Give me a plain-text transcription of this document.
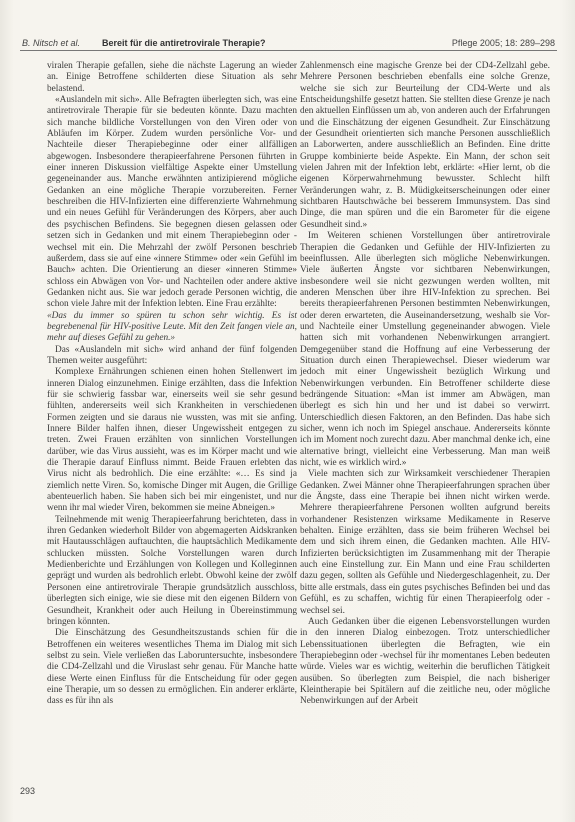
B. Nitsch et al. Bereit für die antiretrovirale Therapie?	Pflege 2005; 18: 289–298

viralen Therapie gefallen, siehe die nächste Lagerung an wieder an. Einige Betroffene schilderten diese Situation als sehr belastend.

«Auslandeln mit sich». Alle Befragten überlegten sich, was eine antiretrovirale Therapie für sie bedeuten könnte. Dazu machten sich manche bildliche Vorstellungen von den Viren oder von Abläufen im Körper. Zudem wurden persönliche Vor- und Nachteile dieser Therapiebeginne oder einer allfälligen abgewogen. Insbesondere therapieerfahrene Personen führten in einer inneren Diskussion vielfältige Aspekte einer Umstellung gegeneinander aus. Manche erwähnten antizipierend mögliche Gedanken an eine mögliche Therapie vorzubereiten. Ferner beschreiben die HIV-Infizierten eine differenzierte Wahrnehmung und ein neues Gefühl für Veränderungen des Körpers, aber auch des psychischen Befindens. Sie begegnen diesen gelassen oder setzen sich in Gedanken und mit einem Therapiebeginn oder -wechsel mit ein. Die Mehrzahl der zwölf Personen beschrieb außerdem, dass sie auf eine «innere Stimme» oder «ein Gefühl im Bauch» achten. Die Orientierung an dieser «inneren Stimme» schloss ein Abwägen von Vor- und Nachteilen oder andere aktive Gedanken nicht aus. Sie war jedoch gerade Personen wichtig, die schon viele Jahre mit der Infektion lebten. Eine Frau erzählte:

«Das du immer so spüren tu schon sehr wichtig. Es ist begrebenenal für HIV-positive Leute. Mit den Zeit fangen viele an, mehr auf dieses Gefühl zu gehen.»

Das «Auslandeln mit sich» wird anhand der fünf folgenden Themen weiter ausgeführt:

Komplexe Ernährungen schienen einen hohen Stellenwert im inneren Dialog einzunehmen. Einige erzählten, dass die Infektion für sie schwierig fassbar war, einerseits weil sie sehr gesund fühlten, andererseits weil sich Krankheiten in verschiedenen Formen zeigten und sie daraus nie wussten, was mit sie anfing. Innere Bilder halfen ihnen, dieser Ungewissheit entgegen zu treten. Zwei Frauen erzählten von sinnlichen Vorstellungen darüber, wie das Virus aussieht, was es im Körper macht und wie die Therapie darauf Einfluss nimmt. Beide Frauen erlebten das Virus nicht als bedrohlich. Die eine erzählte: «… Es sind ja ziemlich nette Viren. So, komische Dinger mit Augen, die Grillige abenteuerlich haben. Sie haben sich bei mir eingenistet, und nur wenn ihr mal wieder Viren, bekommen sie meine Abneigen.»

Teilnehmende mit wenig Therapieerfahrung berichteten, dass in ihren Gedanken wiederholt Bilder von abgemagerten Aidskranken mit Hautausschlägen auftauchten, die hauptsächlich Medikamente schlucken müssten. Solche Vorstellungen waren durch Medienberichte und Erzählungen von Kollegen und Kolleginnen geprägt und wurden als bedrohlich erlebt. Obwohl keine der zwölf Personen eine antiretrovirale Therapie grundsätzlich ausschloss, überlegten sich einige, wie sie diese mit den eigenen Bildern von Gesundheit, Krankheit oder auch Heilung in Übereinstimmung bringen könnten.

Die Einschätzung des Gesundheitszustands schien für die Betroffenen ein weiteres wesentliches Thema im Dialog mit sich selbst zu sein. Viele verließen das Laboruntersuchte, insbesondere die CD4-Zellzahl und die Viruslast sehr genau. Für Manche hatte diese Werte einen Einfluss für die Entscheidung für oder gegen eine Therapie, um so dessen zu ermöglichen. Ein anderer erklärte, dass es für ihn als

Zahlenmensch eine magische Grenze bei der CD4-Zellzahl gebe. Mehrere Personen beschrieben ebenfalls eine solche Grenze, welche sie sich zur Beurteilung der CD4-Werte und als Entscheidungshilfe gesetzt hatten. Sie stellten diese Grenze je nach den aktuellen Einflüssen um ab, von anderen auch der Erfahrungen und die Einschätzung der eigenen Gesundheit. Zur Einschätzung der Gesundheit orientierten sich manche Personen ausschließlich an Laborwerten, andere ausschließlich an Befinden. Eine dritte Gruppe kombinierte beide Aspekte. Ein Mann, der schon seit vielen Jahren mit der Infektion lebt, erklärte: «Hier lernt, ob die eigenen Körperwahrnehmung bewusster. Schlecht hilft Veränderungen wahr, z. B. Müdigkeitserscheinungen oder einer sichtbaren Hautschwäche bei besserem Immunsystem. Das sind Dinge, die man spüren und die ein Barometer für die eigene Gesundheit sind.»

Im Weiteren schienen Vorstellungen über antiretrovirale Therapien die Gedanken und Gefühle der HIV-Infizierten zu beeinflussen. Alle überlegten sich mögliche Nebenwirkungen. Viele äußerten Ängste vor sichtbaren Nebenwirkungen, insbesondere weil sie nicht gezwungen werden wollten, mit anderen Menschen über ihre HIV-Infektion zu sprechen. Bei bereits therapieerfahrenen Personen bestimmten Nebenwirkungen, oder deren erwarteten, die Auseinandersetzung, weshalb sie Vor- und Nachteile einer Umstellung gegeneinander abwogen. Viele hatten sich mit vorhandenen Nebenwirkungen arrangiert. Demgegenüber stand die Hoffnung auf eine Verbesserung der Situation durch einen Therapiewechsel. Dieser wiederum war jedoch mit einer Ungewissheit bezüglich Wirkung und Nebenwirkungen verbunden. Ein Betroffener schilderte diese bedrängende Situation: «Man ist immer am Abwägen, man überlegt es sich hin und her und ist dabei so verwirrt. Unterschiedlich diesen Faktoren, an den Befinden. Das habe sich sicher, wenn ich noch im Spiegel anschaue. Andererseits könnte ich im Moment noch zurecht dazu. Aber manchmal denke ich, eine alternative bringt, vielleicht eine Verbesserung. Man man weiß nicht, wie es wirklich wird.»

Viele machten sich zur Wirksamkeit verschiedener Therapien Gedanken. Zwei Männer ohne Therapieerfahrungen sprachen über die Ängste, dass eine Therapie bei ihnen nicht wirken werde. Mehrere therapieerfahrene Personen wollten aufgrund bereits vorhandener Resistenzen wirksame Medikamente in Reserve behalten. Einige erzählten, dass sie beim früheren Wechsel bei dem und sich ihrem einen, die Gedanken machten. Alle HIV-Infizierten berücksichtigten im Zusammenhang mit der Therapie auch eine Einstellung zur. Ein Mann und eine Frau schilderten dazu gegen, sollten als Gefühle und Niedergeschlagenheit, zu. Der bitte alle erstmals, dass ein gutes psychisches Befinden bei und das Gefühl, es zu schaffen, wichtig für einen Therapieerfolg oder -wechsel sei.

Auch Gedanken über die eigenen Lebensvorstellungen wurden in den inneren Dialog einbezogen. Trotz unterschiedlicher Lebenssituationen überlegten die Befragten, wie ein Therapiebeginn oder -wechsel für ihr momentanes Leben bedeuten würde. Vieles war es wichtig, weiterhin die beruflichen Tätigkeit ausüben. So überlegten zum Beispiel, die nach bisheriger Kleintherapie bei Spitälern auf die zeitliche neu, oder mögliche Nebenwirkungen auf der Arbeit

293
